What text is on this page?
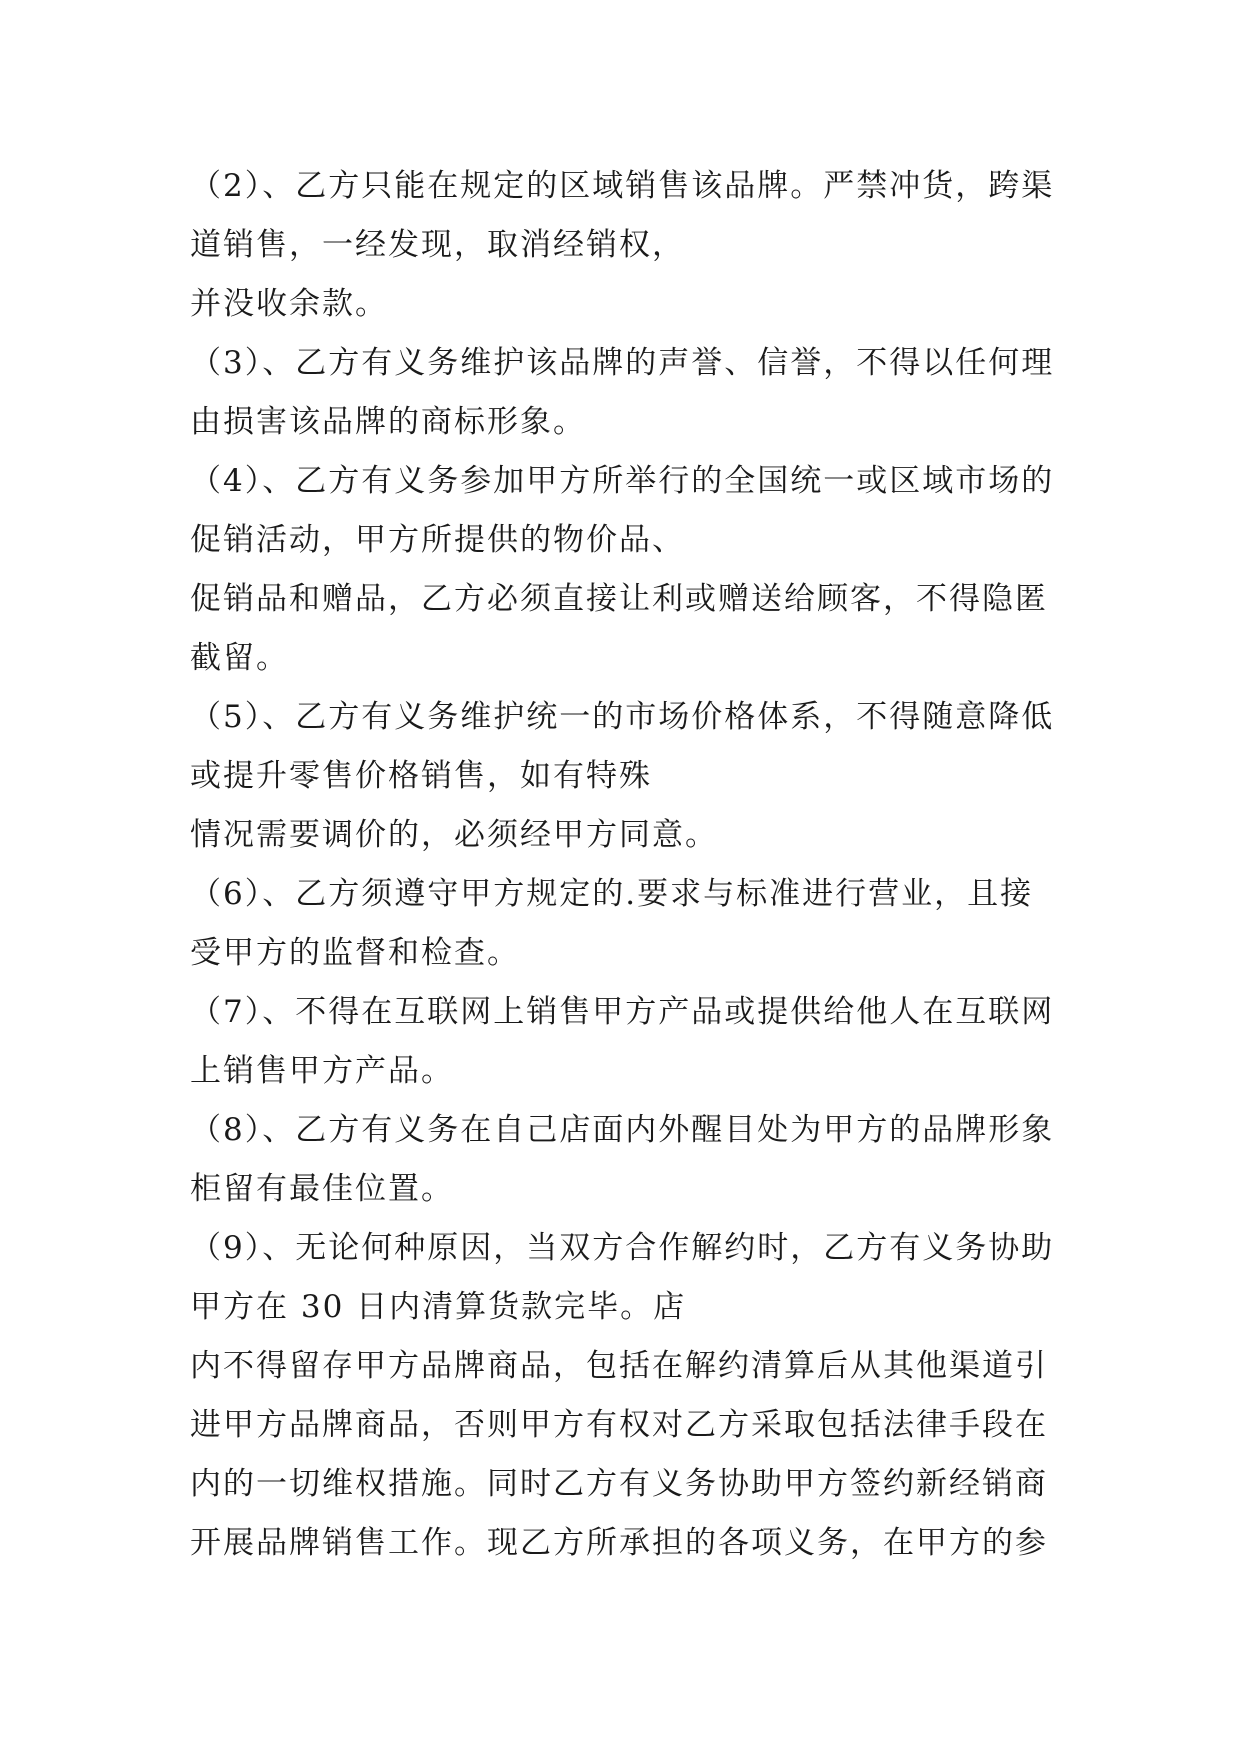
（2）、乙方只能在规定的区域销售该品牌。严禁冲货，跨渠
道销售，一经发现，取消经销权，
并没收余款。
（3）、乙方有义务维护该品牌的声誉、信誉，不得以任何理
由损害该品牌的商标形象。
（4）、乙方有义务参加甲方所举行的全国统一或区域市场的
促销活动，甲方所提供的物价品、
促销品和赠品，乙方必须直接让利或赠送给顾客，不得隐匿
截留。
（5）、乙方有义务维护统一的市场价格体系，不得随意降低
或提升零售价格销售，如有特殊
情况需要调价的，必须经甲方同意。
（6）、乙方须遵守甲方规定的.要求与标准进行营业，且接
受甲方的监督和检查。
（7）、不得在互联网上销售甲方产品或提供给他人在互联网
上销售甲方产品。
（8）、乙方有义务在自己店面内外醒目处为甲方的品牌形象
柜留有最佳位置。
（9）、无论何种原因，当双方合作解约时，乙方有义务协助
甲方在 30 日内清算货款完毕。店
内不得留存甲方品牌商品，包括在解约清算后从其他渠道引
进甲方品牌商品，否则甲方有权对乙方采取包括法律手段在
内的一切维权措施。同时乙方有义务协助甲方签约新经销商
开展品牌销售工作。现乙方所承担的各项义务，在甲方的参
